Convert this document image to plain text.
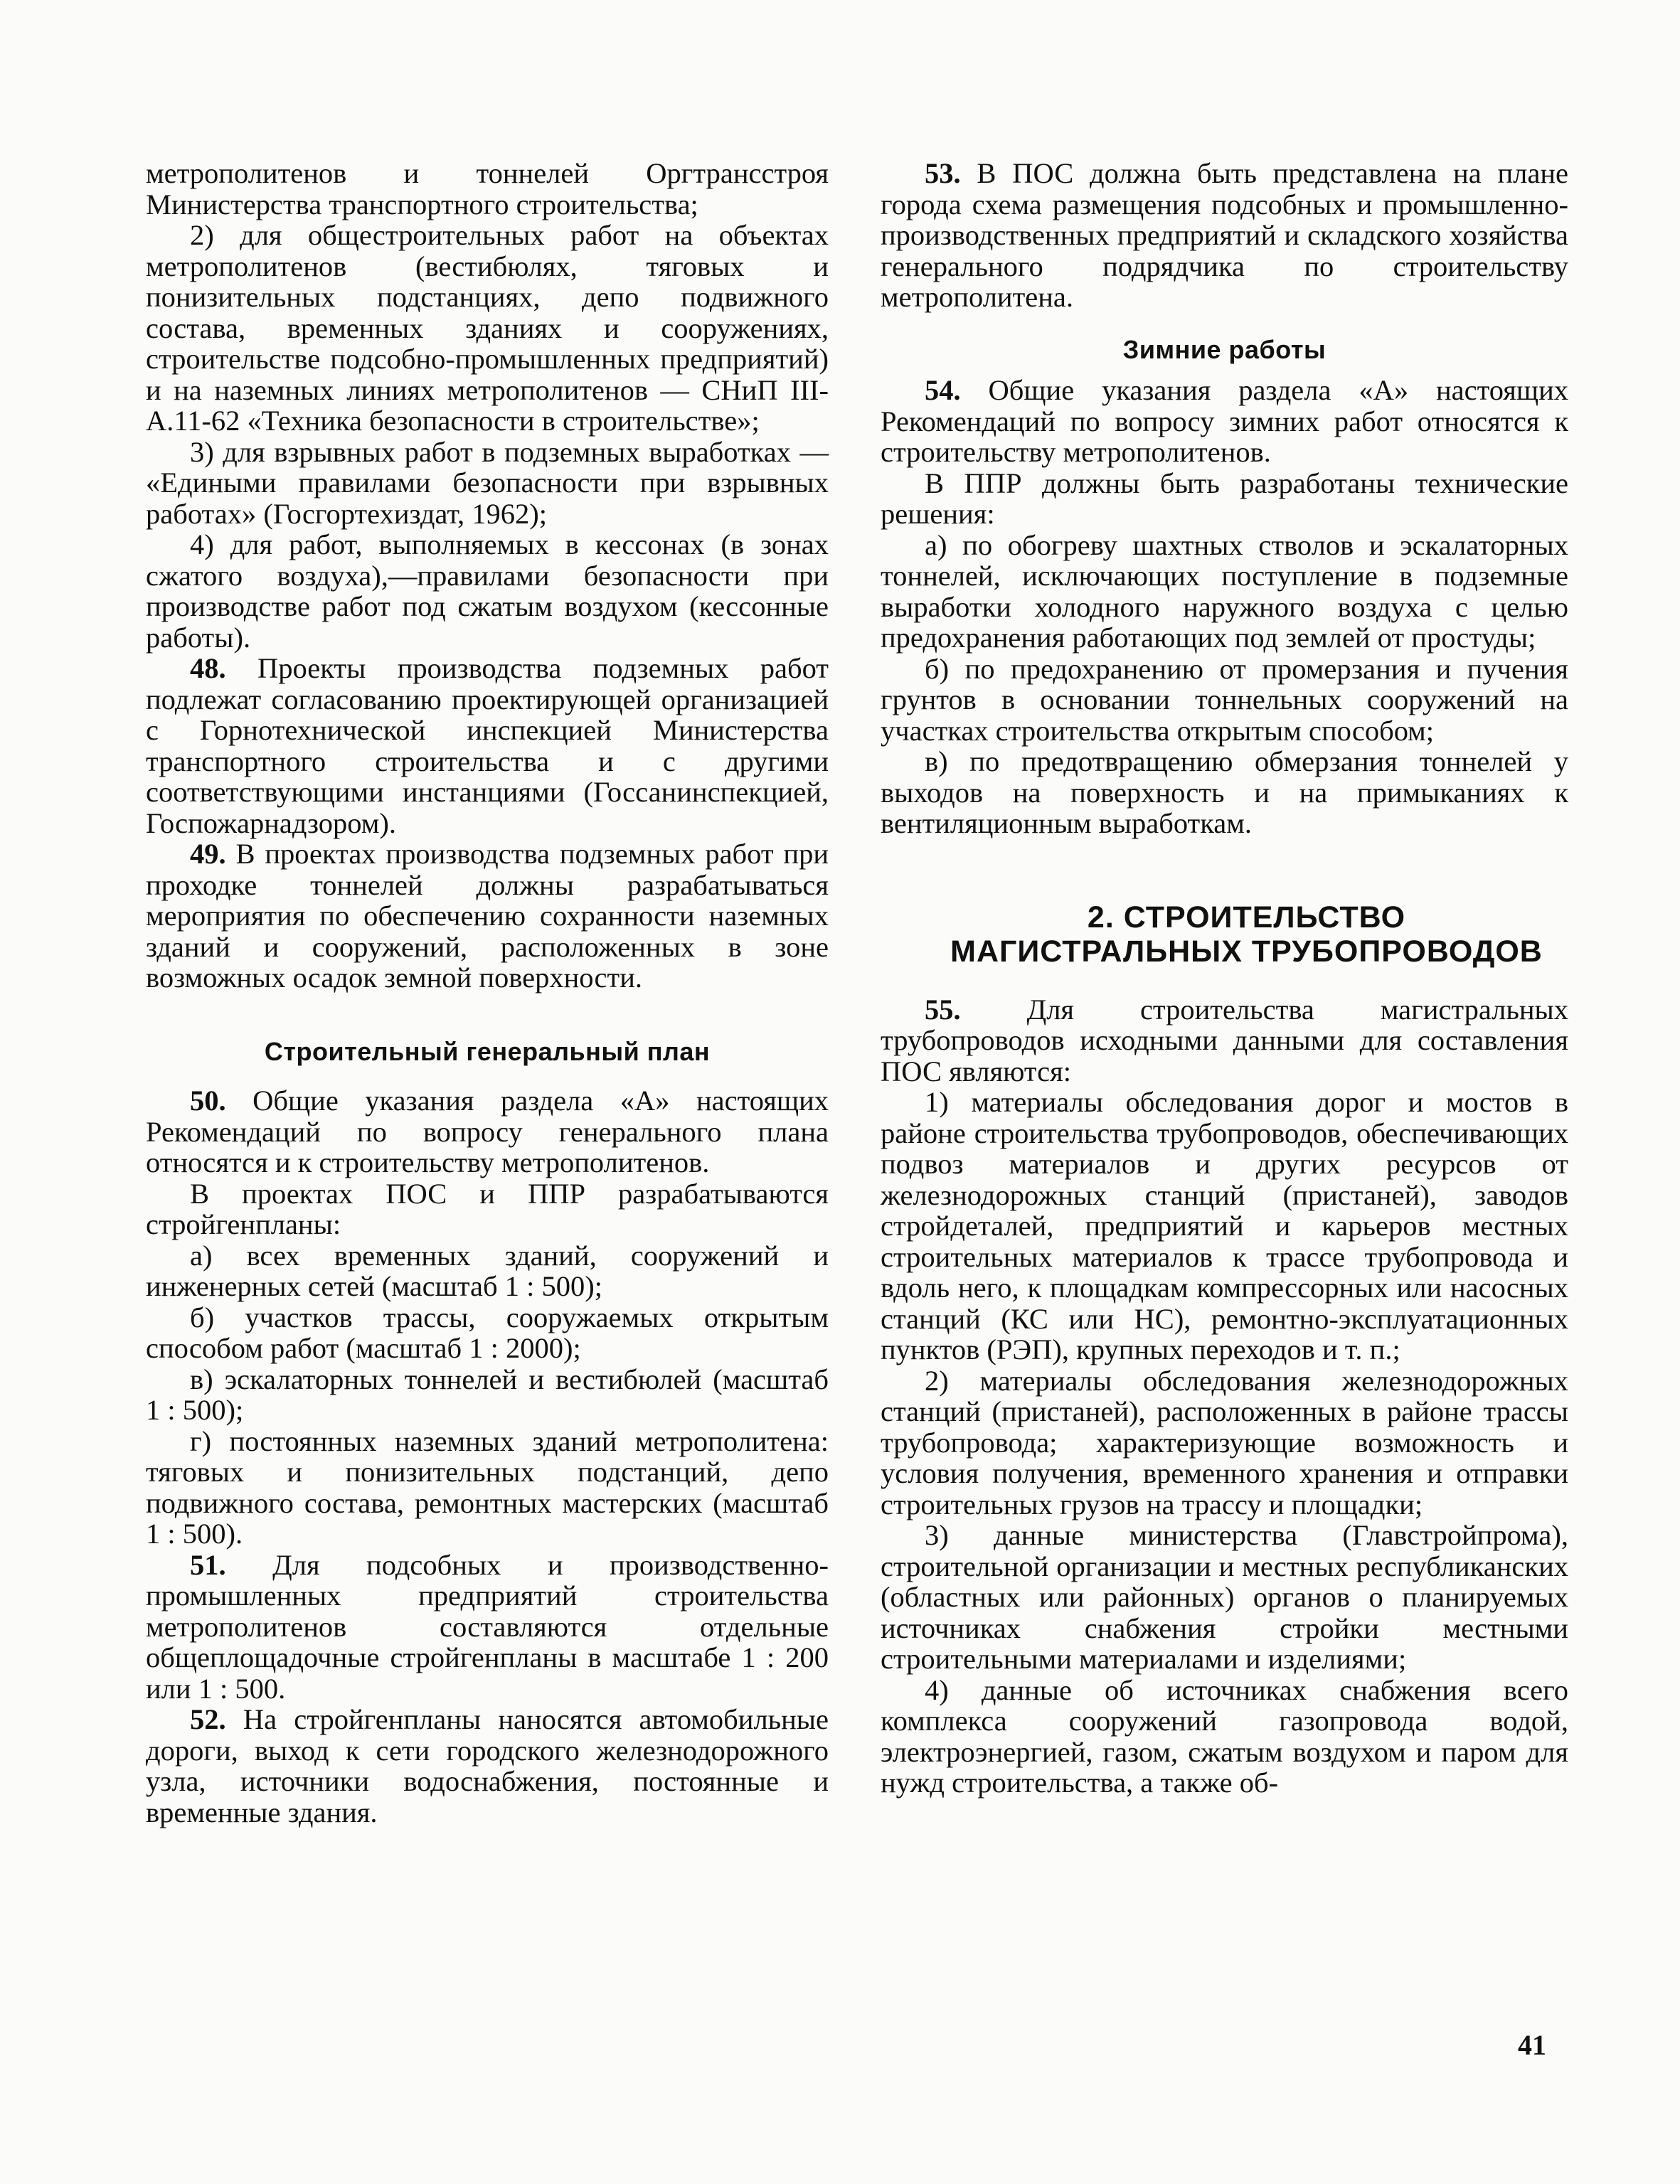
метрополитенов и тоннелей Оргтрансстроя Министерства транспортного строительства;

2) для общестроительных работ на объектах метрополитенов (вестибюлях, тяговых и понизительных подстанциях, депо подвижного состава, временных зданиях и сооружениях, строительстве подсобно-промышленных предприятий) и на наземных линиях метрополитенов — СНиП III-А.11-62 «Техника безопасности в строительстве»;

3) для взрывных работ в подземных выработках — «Едиными правилами безопасности при взрывных работах» (Госгортехиздат, 1962);

4) для работ, выполняемых в кессонах (в зонах сжатого воздуха),—правилами безопасности при производстве работ под сжатым воздухом (кессонные работы).

48. Проекты производства подземных работ подлежат согласованию проектирующей организацией с Горнотехнической инспекцией Министерства транспортного строительства и с другими соответствующими инстанциями (Госсанинспекцией, Госпожарнадзором).

49. В проектах производства подземных работ при проходке тоннелей должны разрабатываться мероприятия по обеспечению сохранности наземных зданий и сооружений, расположенных в зоне возможных осадок земной поверхности.

Строительный генеральный план

50. Общие указания раздела «А» настоящих Рекомендаций по вопросу генерального плана относятся и к строительству метрополитенов.

В проектах ПОС и ППР разрабатываются стройгенпланы:

а) всех временных зданий, сооружений и инженерных сетей (масштаб 1 : 500);

б) участков трассы, сооружаемых открытым способом работ (масштаб 1 : 2000);

в) эскалаторных тоннелей и вестибюлей (масштаб 1 : 500);

г) постоянных наземных зданий метрополитена: тяговых и понизительных подстанций, депо подвижного состава, ремонтных мастерских (масштаб 1 : 500).

51. Для подсобных и производственно-промышленных предприятий строительства метрополитенов составляются отдельные общеплощадочные стройгенпланы в масштабе 1 : 200 или 1 : 500.

52. На стройгенпланы наносятся автомобильные дороги, выход к сети городского железнодорожного узла, источники водоснабжения, постоянные и временные здания.

53. В ПОС должна быть представлена на плане города схема размещения подсобных и промышленно-производственных предприятий и складского хозяйства генерального подрядчика по строительству метрополитена.

Зимние работы

54. Общие указания раздела «А» настоящих Рекомендаций по вопросу зимних работ относятся к строительству метрополитенов.

В ППР должны быть разработаны технические решения:

а) по обогреву шахтных стволов и эскалаторных тоннелей, исключающих поступление в подземные выработки холодного наружного воздуха с целью предохранения работающих под землей от простуды;

б) по предохранению от промерзания и пучения грунтов в основании тоннельных сооружений на участках строительства открытым способом;

в) по предотвращению обмерзания тоннелей у выходов на поверхность и на примыканиях к вентиляционным выработкам.

2. СТРОИТЕЛЬСТВО

МАГИСТРАЛЬНЫХ ТРУБОПРОВОДОВ

55. Для строительства магистральных трубопроводов исходными данными для составления ПОС являются:

1) материалы обследования дорог и мостов в районе строительства трубопроводов, обеспечивающих подвоз материалов и других ресурсов от железнодорожных станций (пристаней), заводов стройдеталей, предприятий и карьеров местных строительных материалов к трассе трубопровода и вдоль него, к площадкам компрессорных или насосных станций (КС или НС), ремонтно-эксплуатационных пунктов (РЭП), крупных переходов и т. п.;

2) материалы обследования железнодорожных станций (пристаней), расположенных в районе трассы трубопровода; характеризующие возможность и условия получения, временного хранения и отправки строительных грузов на трассу и площадки;

3) данные министерства (Главстройпрома), строительной организации и местных республиканских (областных или районных) органов о планируемых источниках снабжения стройки местными строительными материалами и изделиями;

4) данные об источниках снабжения всего комплекса сооружений газопровода водой, электроэнергией, газом, сжатым воздухом и паром для нужд строительства, а также об-

41
